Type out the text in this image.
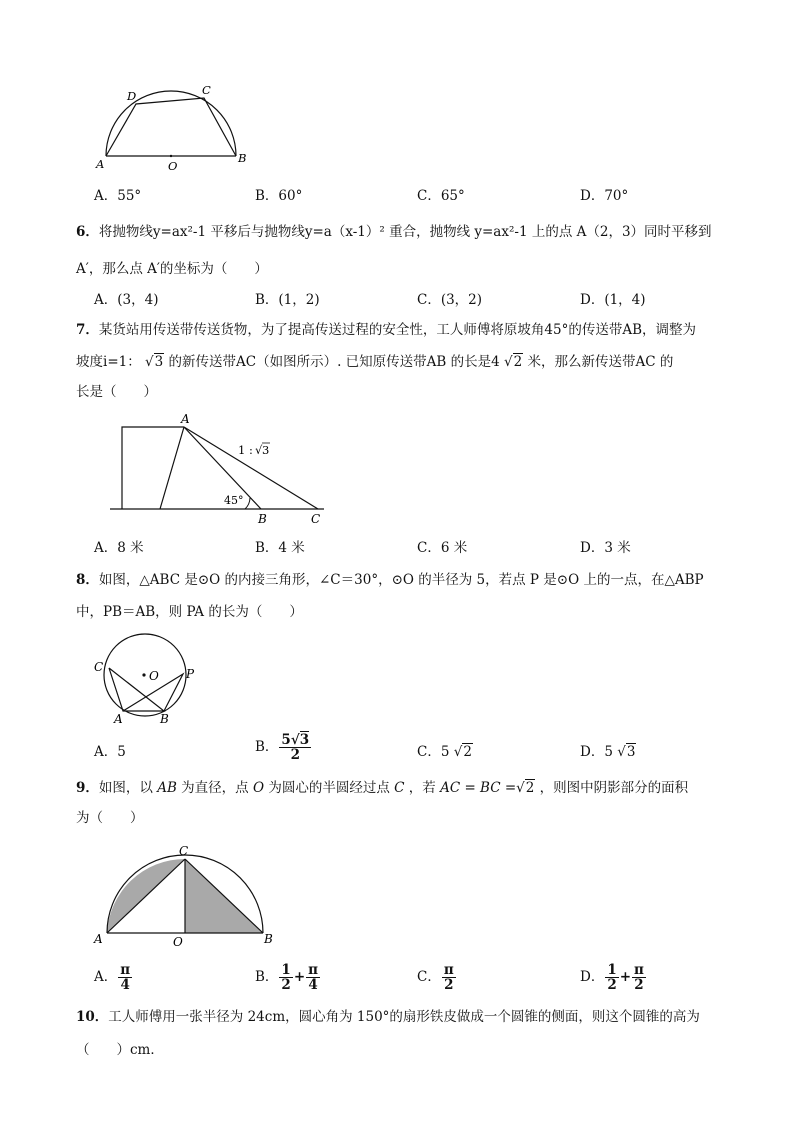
D	C
A	O
B
A．55°	B．60°	C．65°	D．70°
6．将抛物线y=ax²-1 平移后与抛物线y=a（x-1）² 重合，抛物线 y=ax²-1 上的点 A（2，3）同时平移到
A′，那么点 A′的坐标为（　　）
A．(3，4)	B．(1，2)	C．(3，2)	D．(1，4)
7．某货站用传送带传送货物，为了提高传送过程的安全性，工人师傅将原坡角45°的传送带AB，调整为
坡度i=1： √3 的新传送带AC（如图所示）. 已知原传送带AB 的长是4 √2 米，那么新传送带AC 的
长是（　　）
A
1 : √ 3
45°
B	C
A．8 米	B．4 米	C．6 米	D．3 米
8．如图，△ABC 是⊙O 的内接三角形，∠C＝30°，⊙O 的半径为 5，若点 P 是⊙O 上的一点，在△ABP
中，PB＝AB，则 PA 的长为（　　）
C
O P
A	B
A．5	B． $\frac{5√3}{2}$	C．5 √2	D．5 √3
9．如图，以 AB 为直径，点 O 为圆心的半圆经过点 C ，若 AC = BC =√2 ，则图中阴影部分的面积
为（　　）
C
A	O	B
A． $\frac{\pi}{4}$	B． $\frac{1}{2} + \frac{\pi}{4}$	C． $\frac{\pi}{2}$	D． $\frac{1}{2} + \frac{\pi}{2}$
10．工人师傅用一张半径为 24cm，圆心角为 150°的扇形铁皮做成一个圆锥的侧面，则这个圆锥的高为
（　　）cm．
